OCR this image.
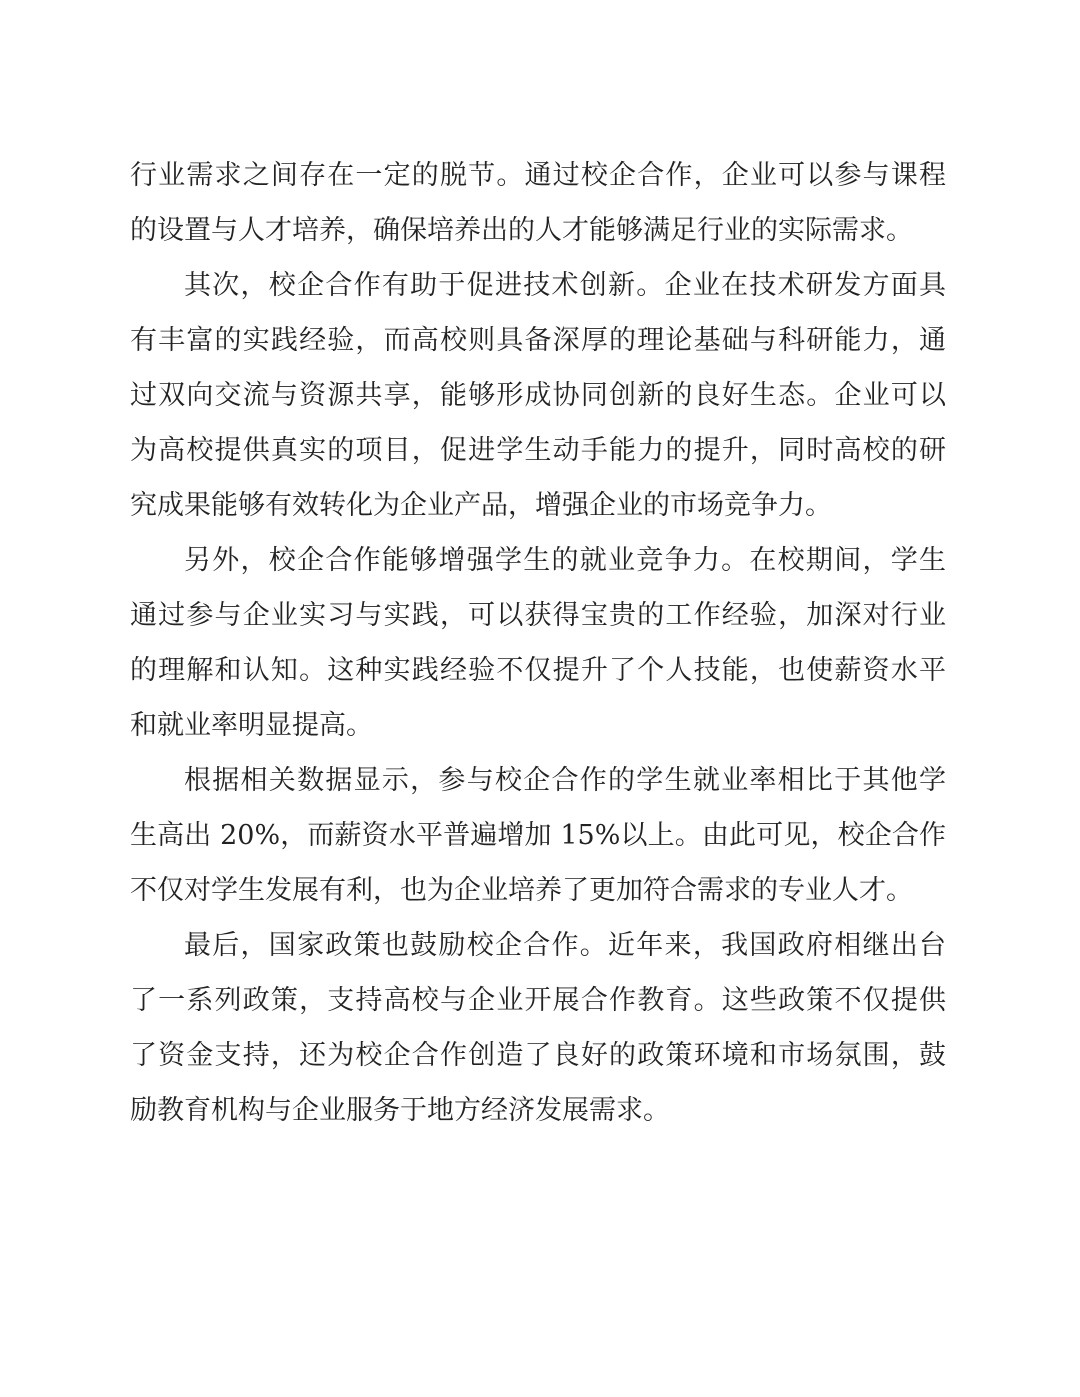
行业需求之间存在一定的脱节。通过校企合作，企业可以参与课程
的设置与人才培养，确保培养出的人才能够满足行业的实际需求。
其次，校企合作有助于促进技术创新。企业在技术研发方面具
有丰富的实践经验，而高校则具备深厚的理论基础与科研能力，通
过双向交流与资源共享，能够形成协同创新的良好生态。企业可以
为高校提供真实的项目，促进学生动手能力的提升，同时高校的研
究成果能够有效转化为企业产品，增强企业的市场竞争力。
另外，校企合作能够增强学生的就业竞争力。在校期间，学生
通过参与企业实习与实践，可以获得宝贵的工作经验，加深对行业
的理解和认知。这种实践经验不仅提升了个人技能，也使薪资水平
和就业率明显提高。
根据相关数据显示，参与校企合作的学生就业率相比于其他学
生高出 20%，而薪资水平普遍增加 15%以上。由此可见，校企合作
不仅对学生发展有利，也为企业培养了更加符合需求的专业人才。
最后，国家政策也鼓励校企合作。近年来，我国政府相继出台
了一系列政策，支持高校与企业开展合作教育。这些政策不仅提供
了资金支持，还为校企合作创造了良好的政策环境和市场氛围，鼓
励教育机构与企业服务于地方经济发展需求。
